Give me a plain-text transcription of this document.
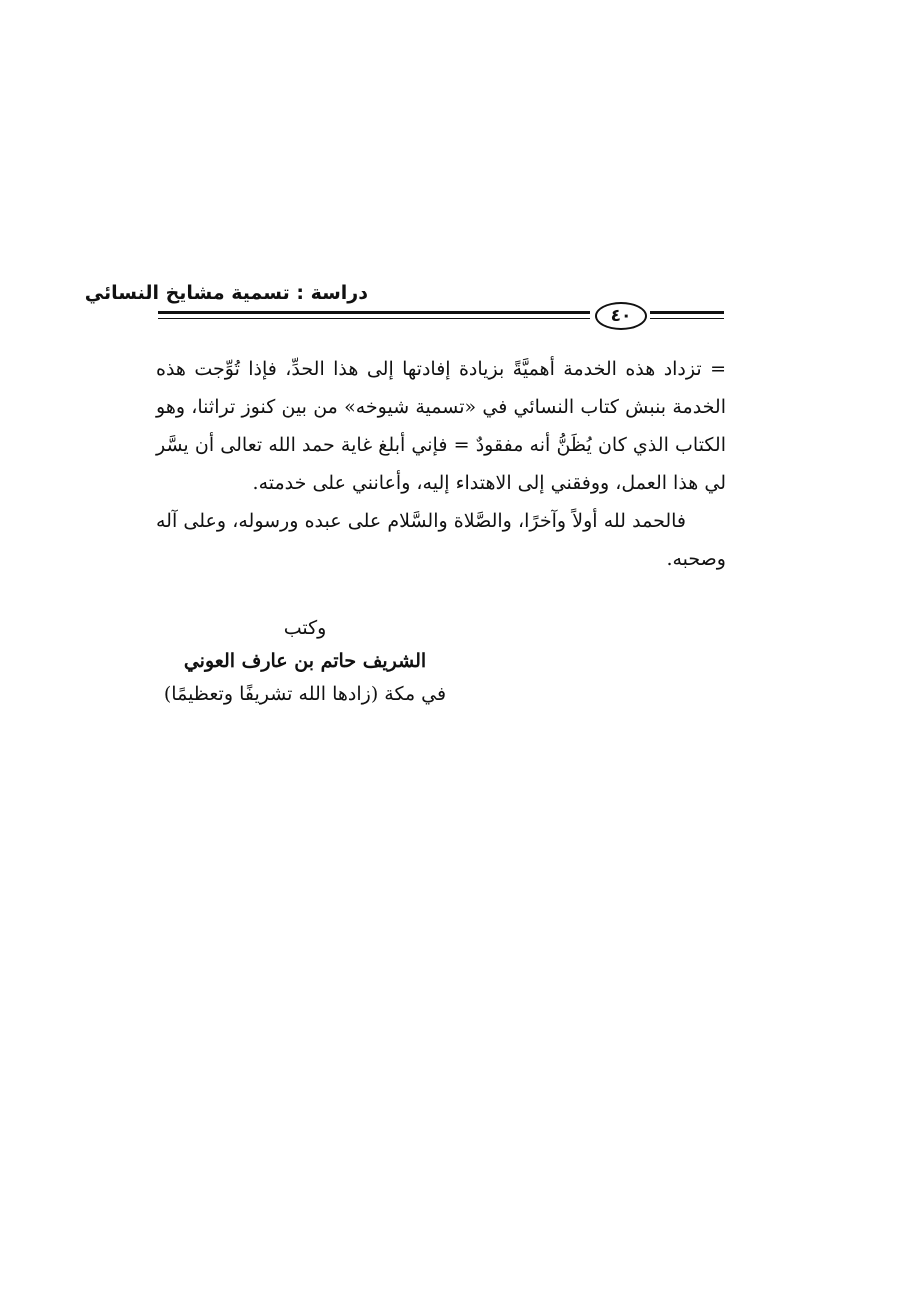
دراسة : تسمية مشايخ النسائي
٤٠

= تزداد هذه الخدمة أهميَّةً بزيادة إفادتها إلى هذا الحدِّ، فإذا تُوِّجت هذه الخدمة بنبش كتاب النسائي في «تسمية شيوخه» من بين كنوز تراثنا، وهو الكتاب الذي كان يُظَنُّ أنه مفقودٌ = فإني أبلغ غاية حمد الله تعالى أن يسَّر لي هذا العمل، ووفقني إلى الاهتداء إليه، وأعانني على خدمته.

فالحمد لله أولاً وآخرًا، والصَّلاة والسَّلام على عبده ورسوله، وعلى آله وصحبه.

وكتب
الشريف حاتم بن عارف العوني
في مكة (زادها الله تشريفًا وتعظيمًا)
